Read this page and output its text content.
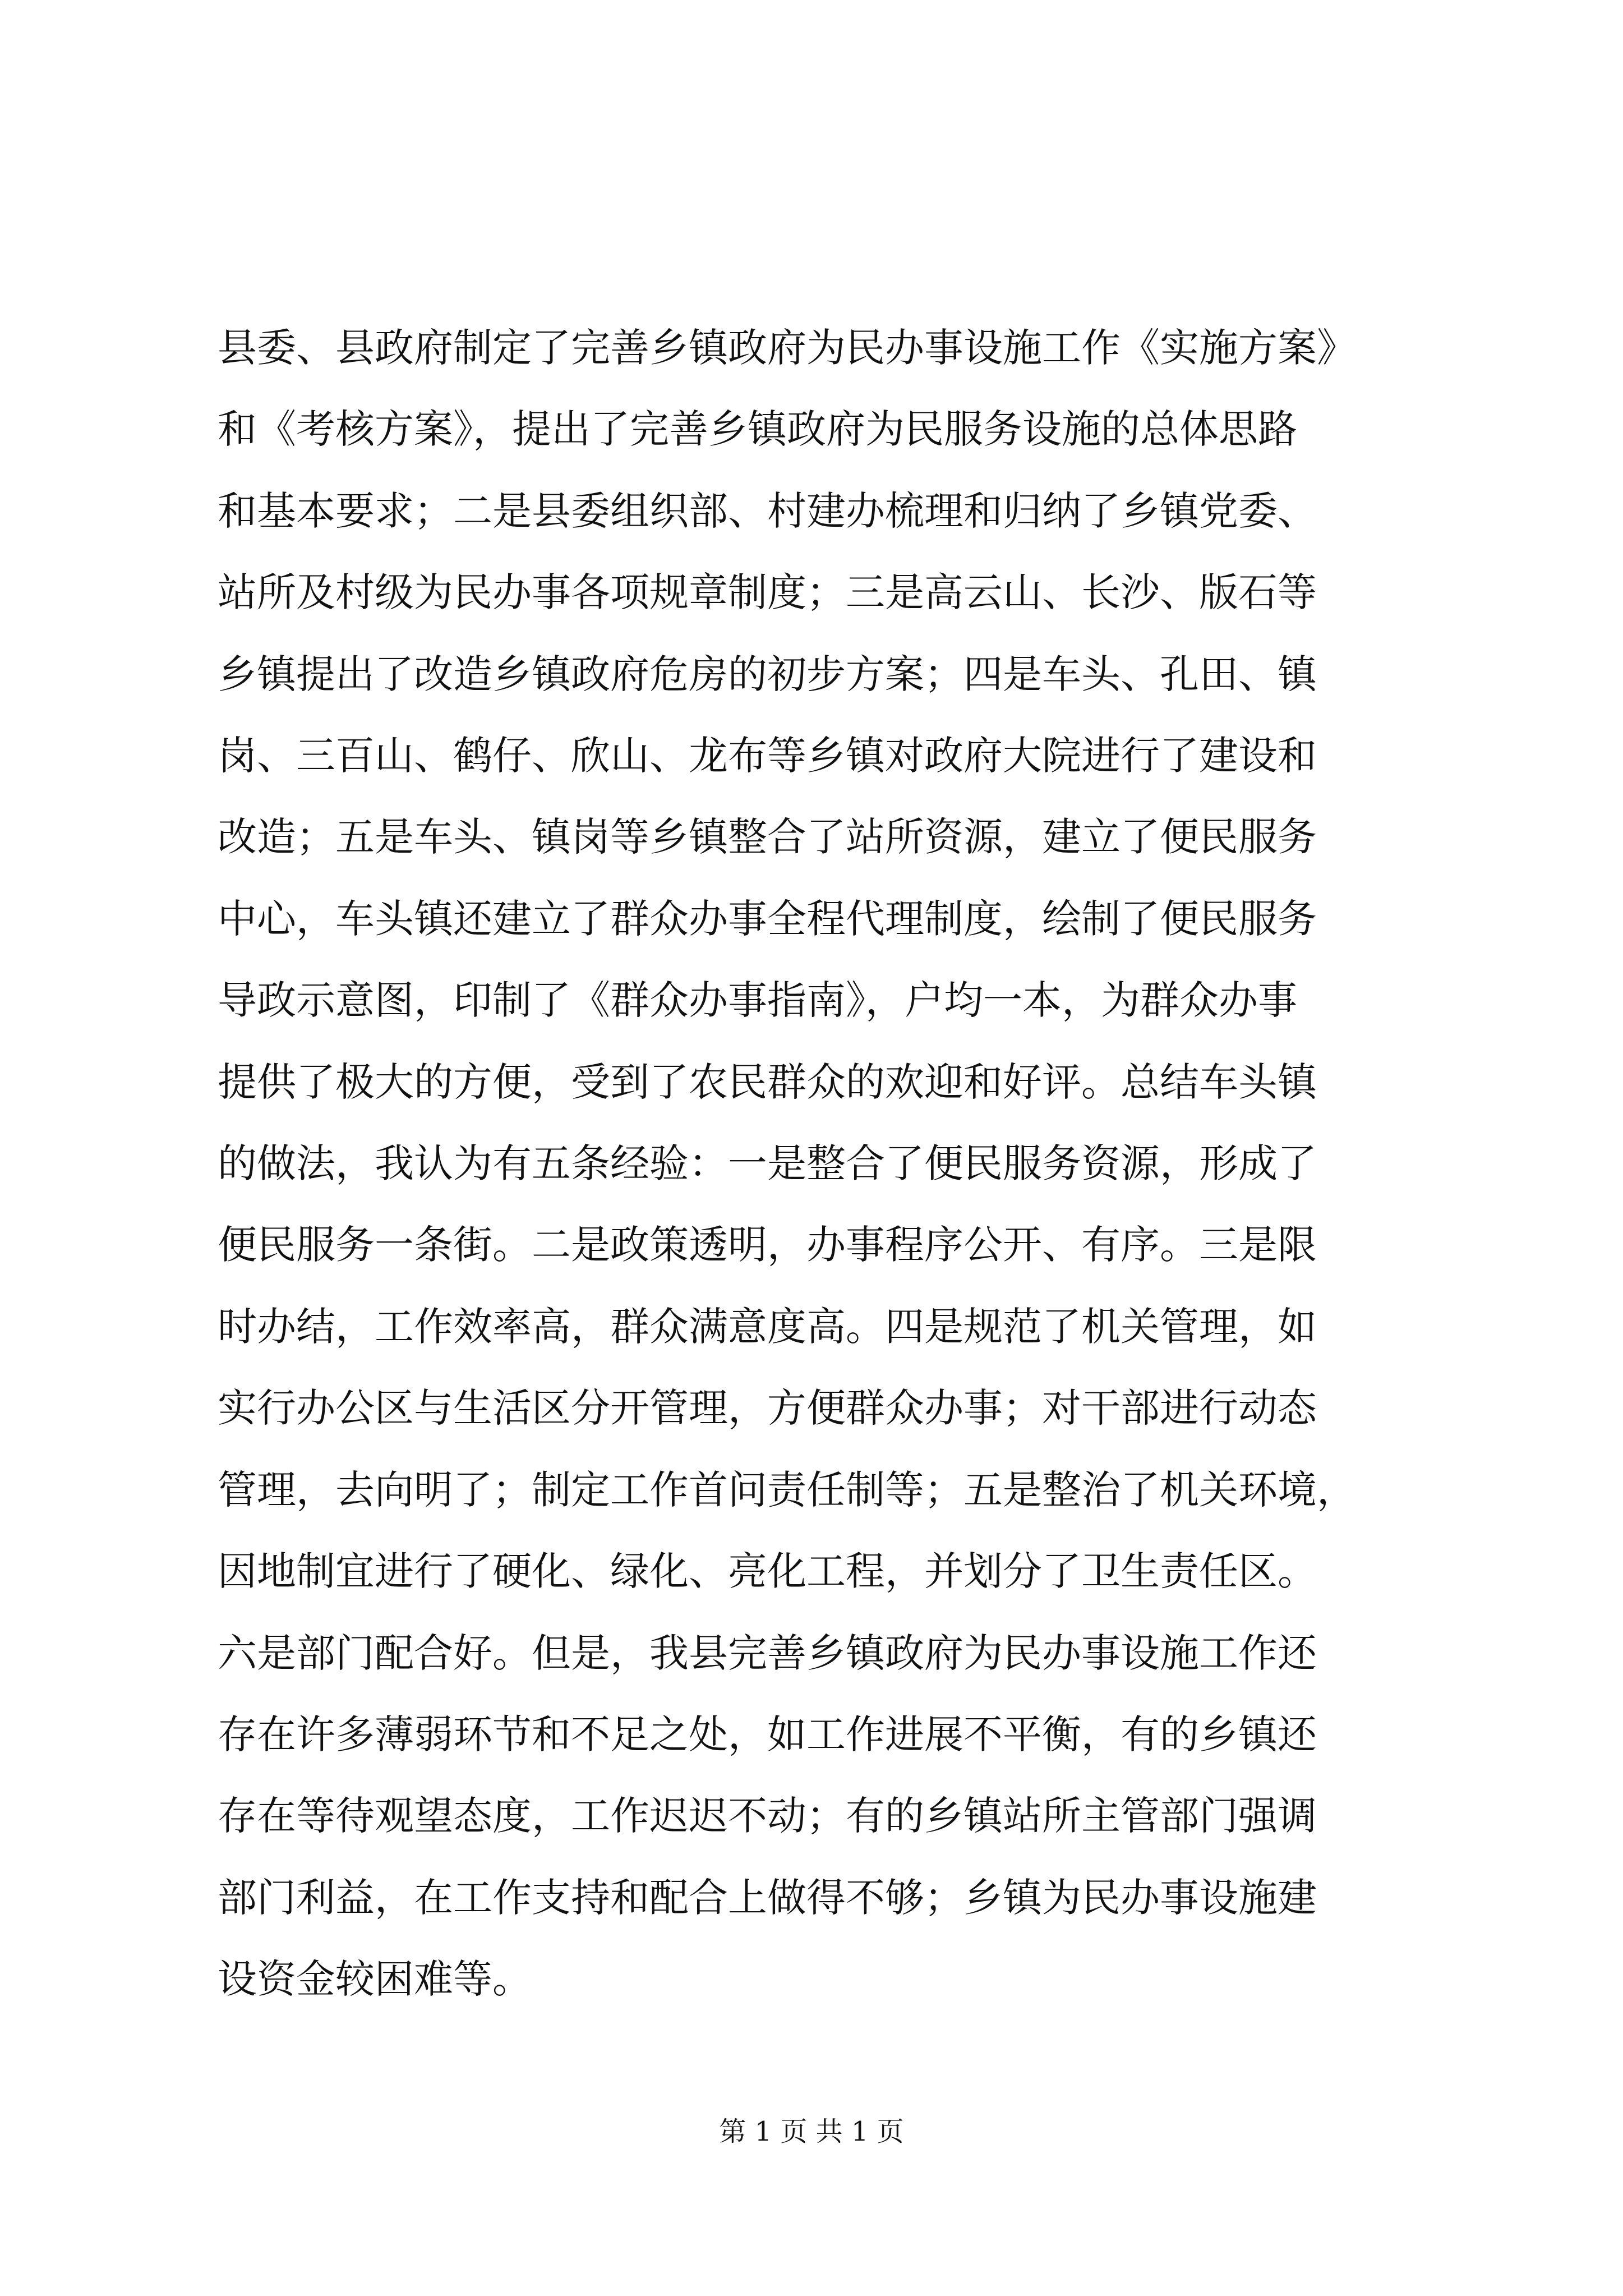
县委、县政府制定了完善乡镇政府为民办事设施工作《实施方案》
和《考核方案》，提出了完善乡镇政府为民服务设施的总体思路
和基本要求；二是县委组织部、村建办梳理和归纳了乡镇党委、
站所及村级为民办事各项规章制度；三是高云山、长沙、版石等
乡镇提出了改造乡镇政府危房的初步方案；四是车头、孔田、镇
岗、三百山、鹤仔、欣山、龙布等乡镇对政府大院进行了建设和
改造；五是车头、镇岗等乡镇整合了站所资源，建立了便民服务
中心，车头镇还建立了群众办事全程代理制度，绘制了便民服务
导政示意图，印制了《群众办事指南》，户均一本，为群众办事
提供了极大的方便，受到了农民群众的欢迎和好评。总结车头镇
的做法，我认为有五条经验：一是整合了便民服务资源，形成了
便民服务一条街。二是政策透明，办事程序公开、有序。三是限
时办结，工作效率高，群众满意度高。四是规范了机关管理，如
实行办公区与生活区分开管理，方便群众办事；对干部进行动态
管理，去向明了；制定工作首问责任制等；五是整治了机关环境，
因地制宜进行了硬化、绿化、亮化工程，并划分了卫生责任区。
六是部门配合好。但是，我县完善乡镇政府为民办事设施工作还
存在许多薄弱环节和不足之处，如工作进展不平衡，有的乡镇还
存在等待观望态度，工作迟迟不动；有的乡镇站所主管部门强调
部门利益，在工作支持和配合上做得不够；乡镇为民办事设施建
设资金较困难等。
第 1 页 共 1 页
